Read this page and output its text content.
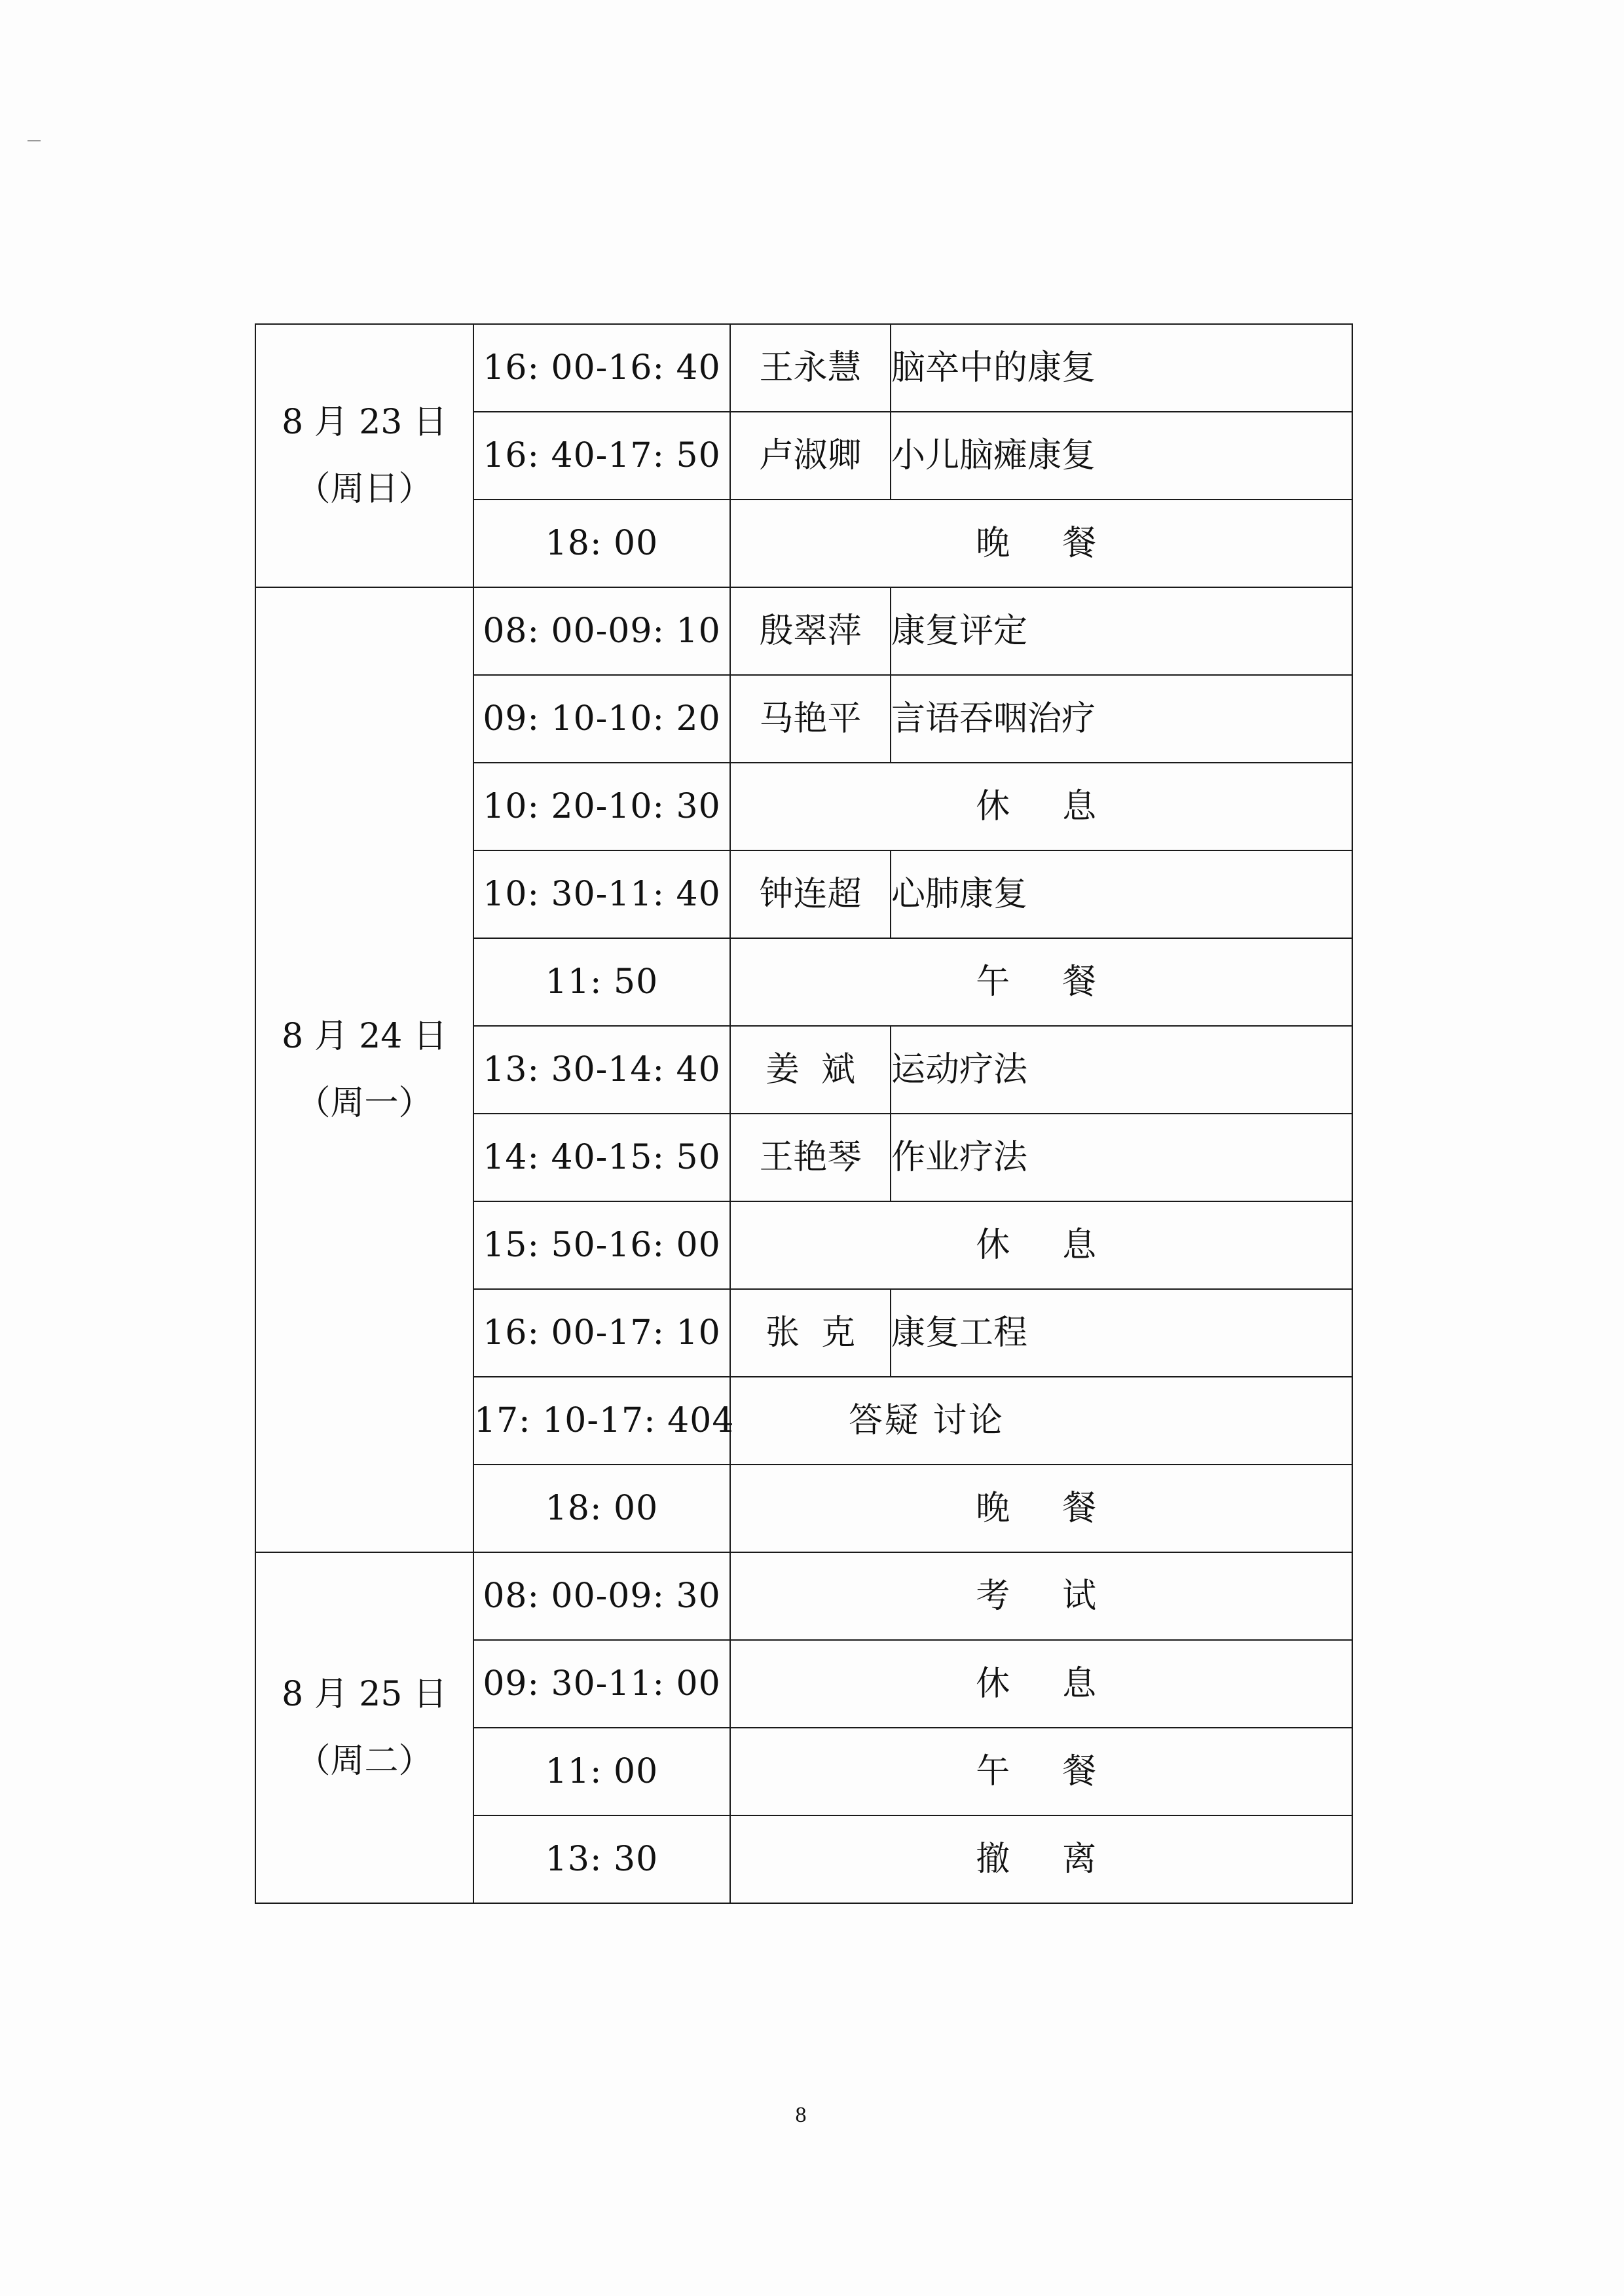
8 月 23 日
（周日）	16: 00-16: 40	王永慧	脑卒中的康复
	16: 40-17: 50	卢淑卿	小儿脑瘫康复
	18: 00	晚  餐	

8 月 24 日
（周一）	08: 00-09: 10	殷翠萍	康复评定
	09: 10-10: 20	马艳平	言语吞咽治疗
	10: 20-10: 30	休  息	
	10: 30-11: 40	钟连超	心肺康复
	11: 50	午  餐	
	13: 30-14: 40	姜  斌	运动疗法
	14: 40-15: 50	王艳琴	作业疗法
	15: 50-16: 00	休  息	
	16: 00-17: 10	张  克	康复工程
	17: 10-17: 404	答疑 讨论	
	18: 00	晚  餐	

8 月 25 日
（周二）	08: 00-09: 30	考  试	
	09: 30-11: 00	休  息	
	11: 00	午  餐	
	13: 30	撤  离	
8
